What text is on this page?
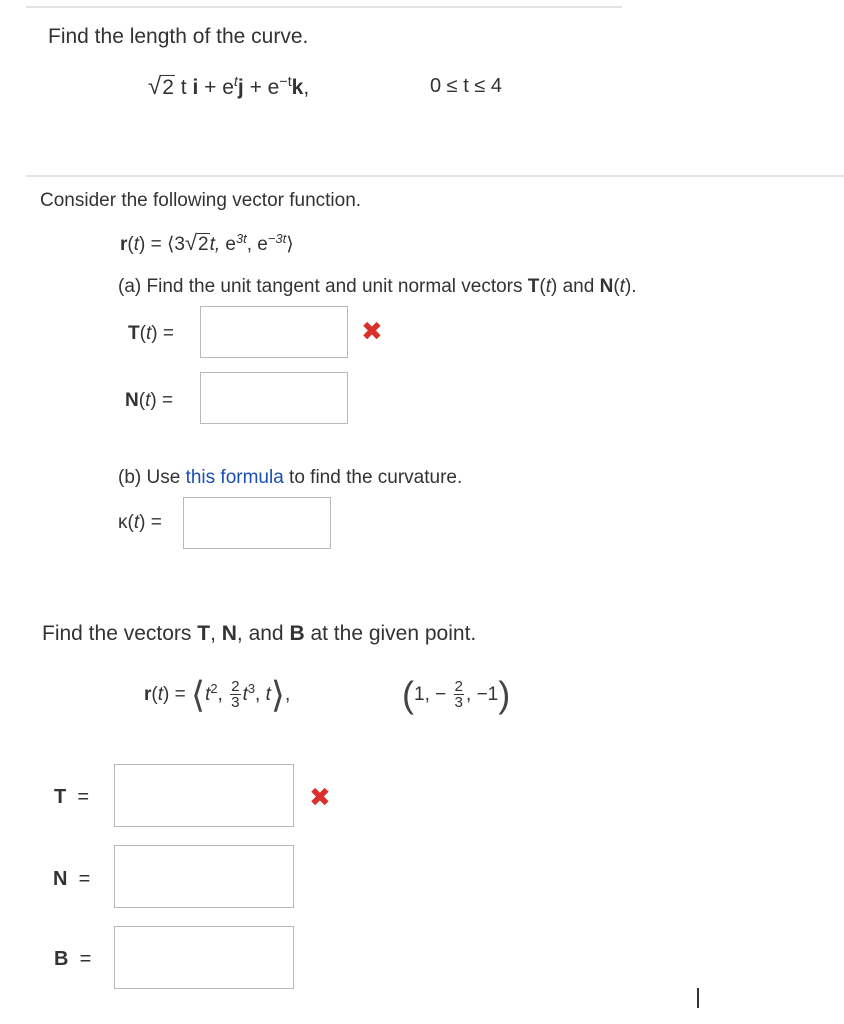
Find the length of the curve.
√2 t $i + e^tj + e^{-t}k$,	0 ≤ t ≤ 4
Consider the following vector function.
r(t) = ⟨3√2t, $e^{3t}$, $e^{-3t}⟩$
(a) Find the unit tangent and unit normal vectors T(t) and N(t).
T(t) =	✖
N(t) =
(b) Use this formula to find the curvature.
κ(t) =
Find the vectors T, N, and B at the given point.
$r(t) = ⟨t^2$, $\frac{2}{3} t^3$, t⟩,	(1, − $\frac{2}{3}$ , −1)
T =	✖
N =
B =
